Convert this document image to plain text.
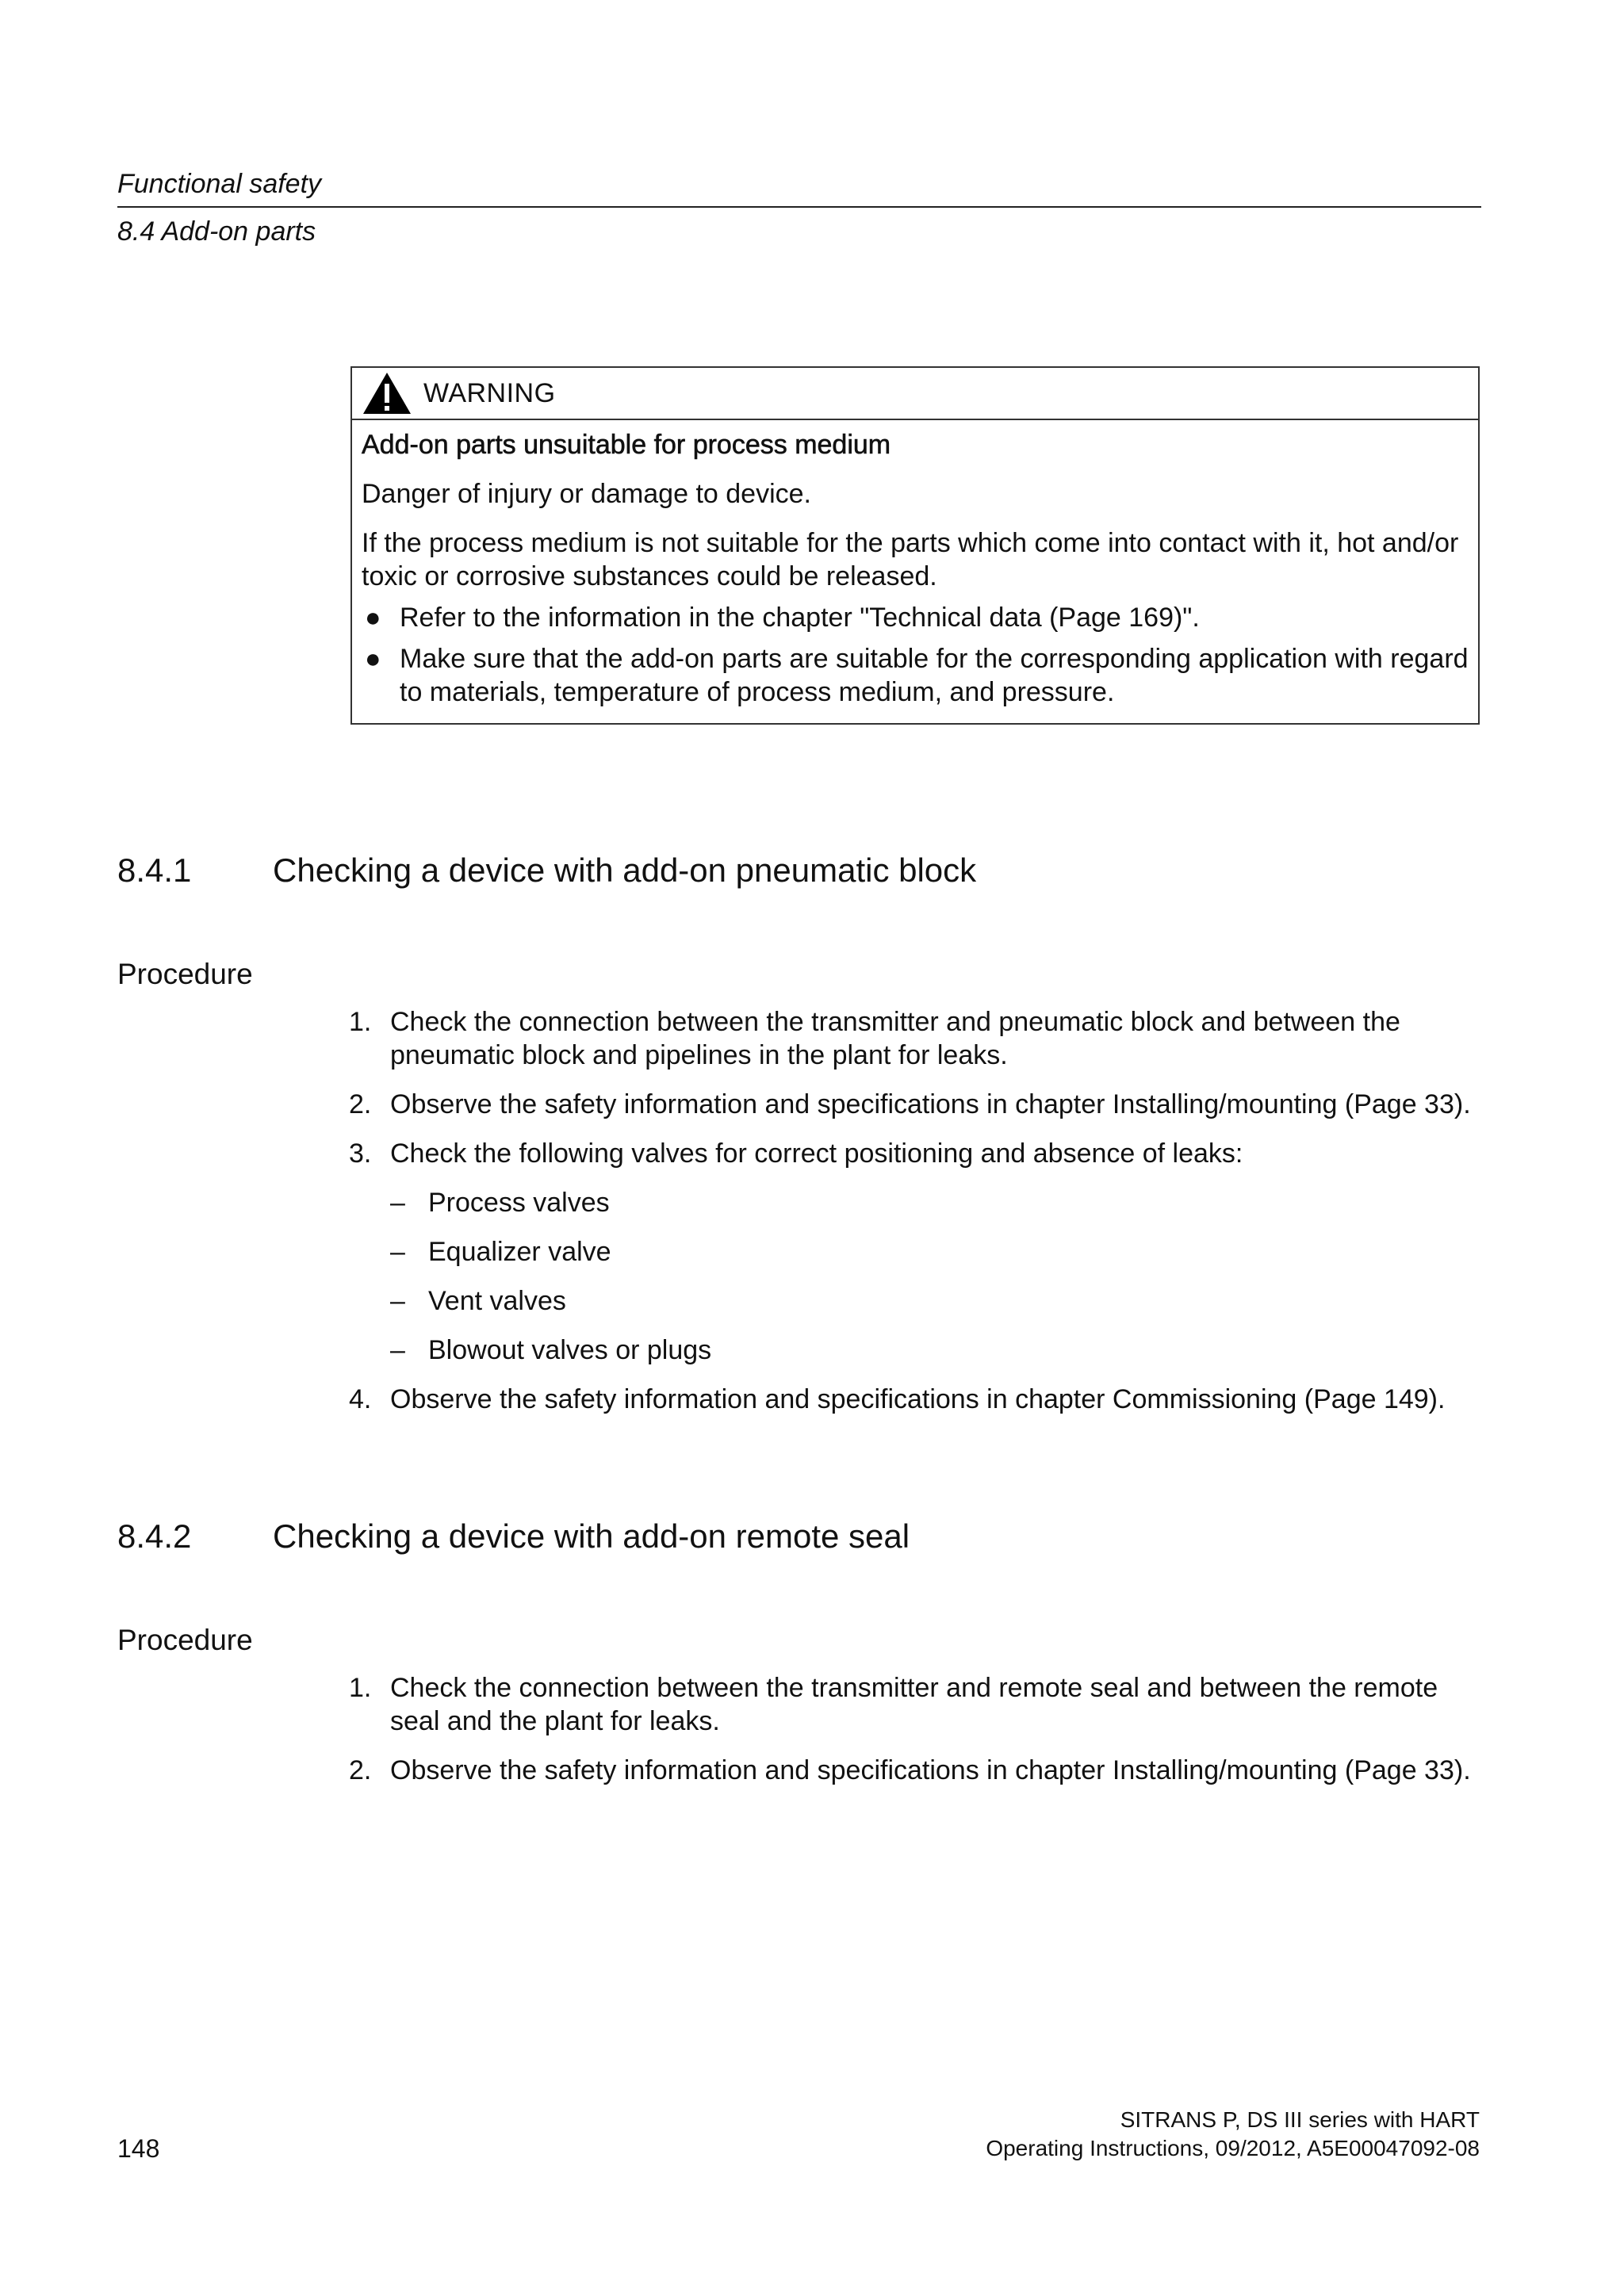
Functional safety
8.4 Add-on parts
WARNING

Add-on parts unsuitable for process medium

Danger of injury or damage to device.

If the process medium is not suitable for the parts which come into contact with it, hot and/or toxic or corrosive substances could be released.

● Refer to the information in the chapter "Technical data (Page 169)".
● Make sure that the add-on parts are suitable for the corresponding application with regard to materials, temperature of process medium, and pressure.
8.4.1	Checking a device with add-on pneumatic block
Procedure
1. Check the connection between the transmitter and pneumatic block and between the pneumatic block and pipelines in the plant for leaks.
2. Observe the safety information and specifications in chapter Installing/mounting (Page 33).
3. Check the following valves for correct positioning and absence of leaks:
– Process valves
– Equalizer valve
– Vent valves
– Blowout valves or plugs
4. Observe the safety information and specifications in chapter Commissioning (Page 149).
8.4.2	Checking a device with add-on remote seal
Procedure
1. Check the connection between the transmitter and remote seal and between the remote seal and the plant for leaks.
2. Observe the safety information and specifications in chapter Installing/mounting (Page 33).
148
SITRANS P, DS III series with HART
Operating Instructions, 09/2012, A5E00047092-08
